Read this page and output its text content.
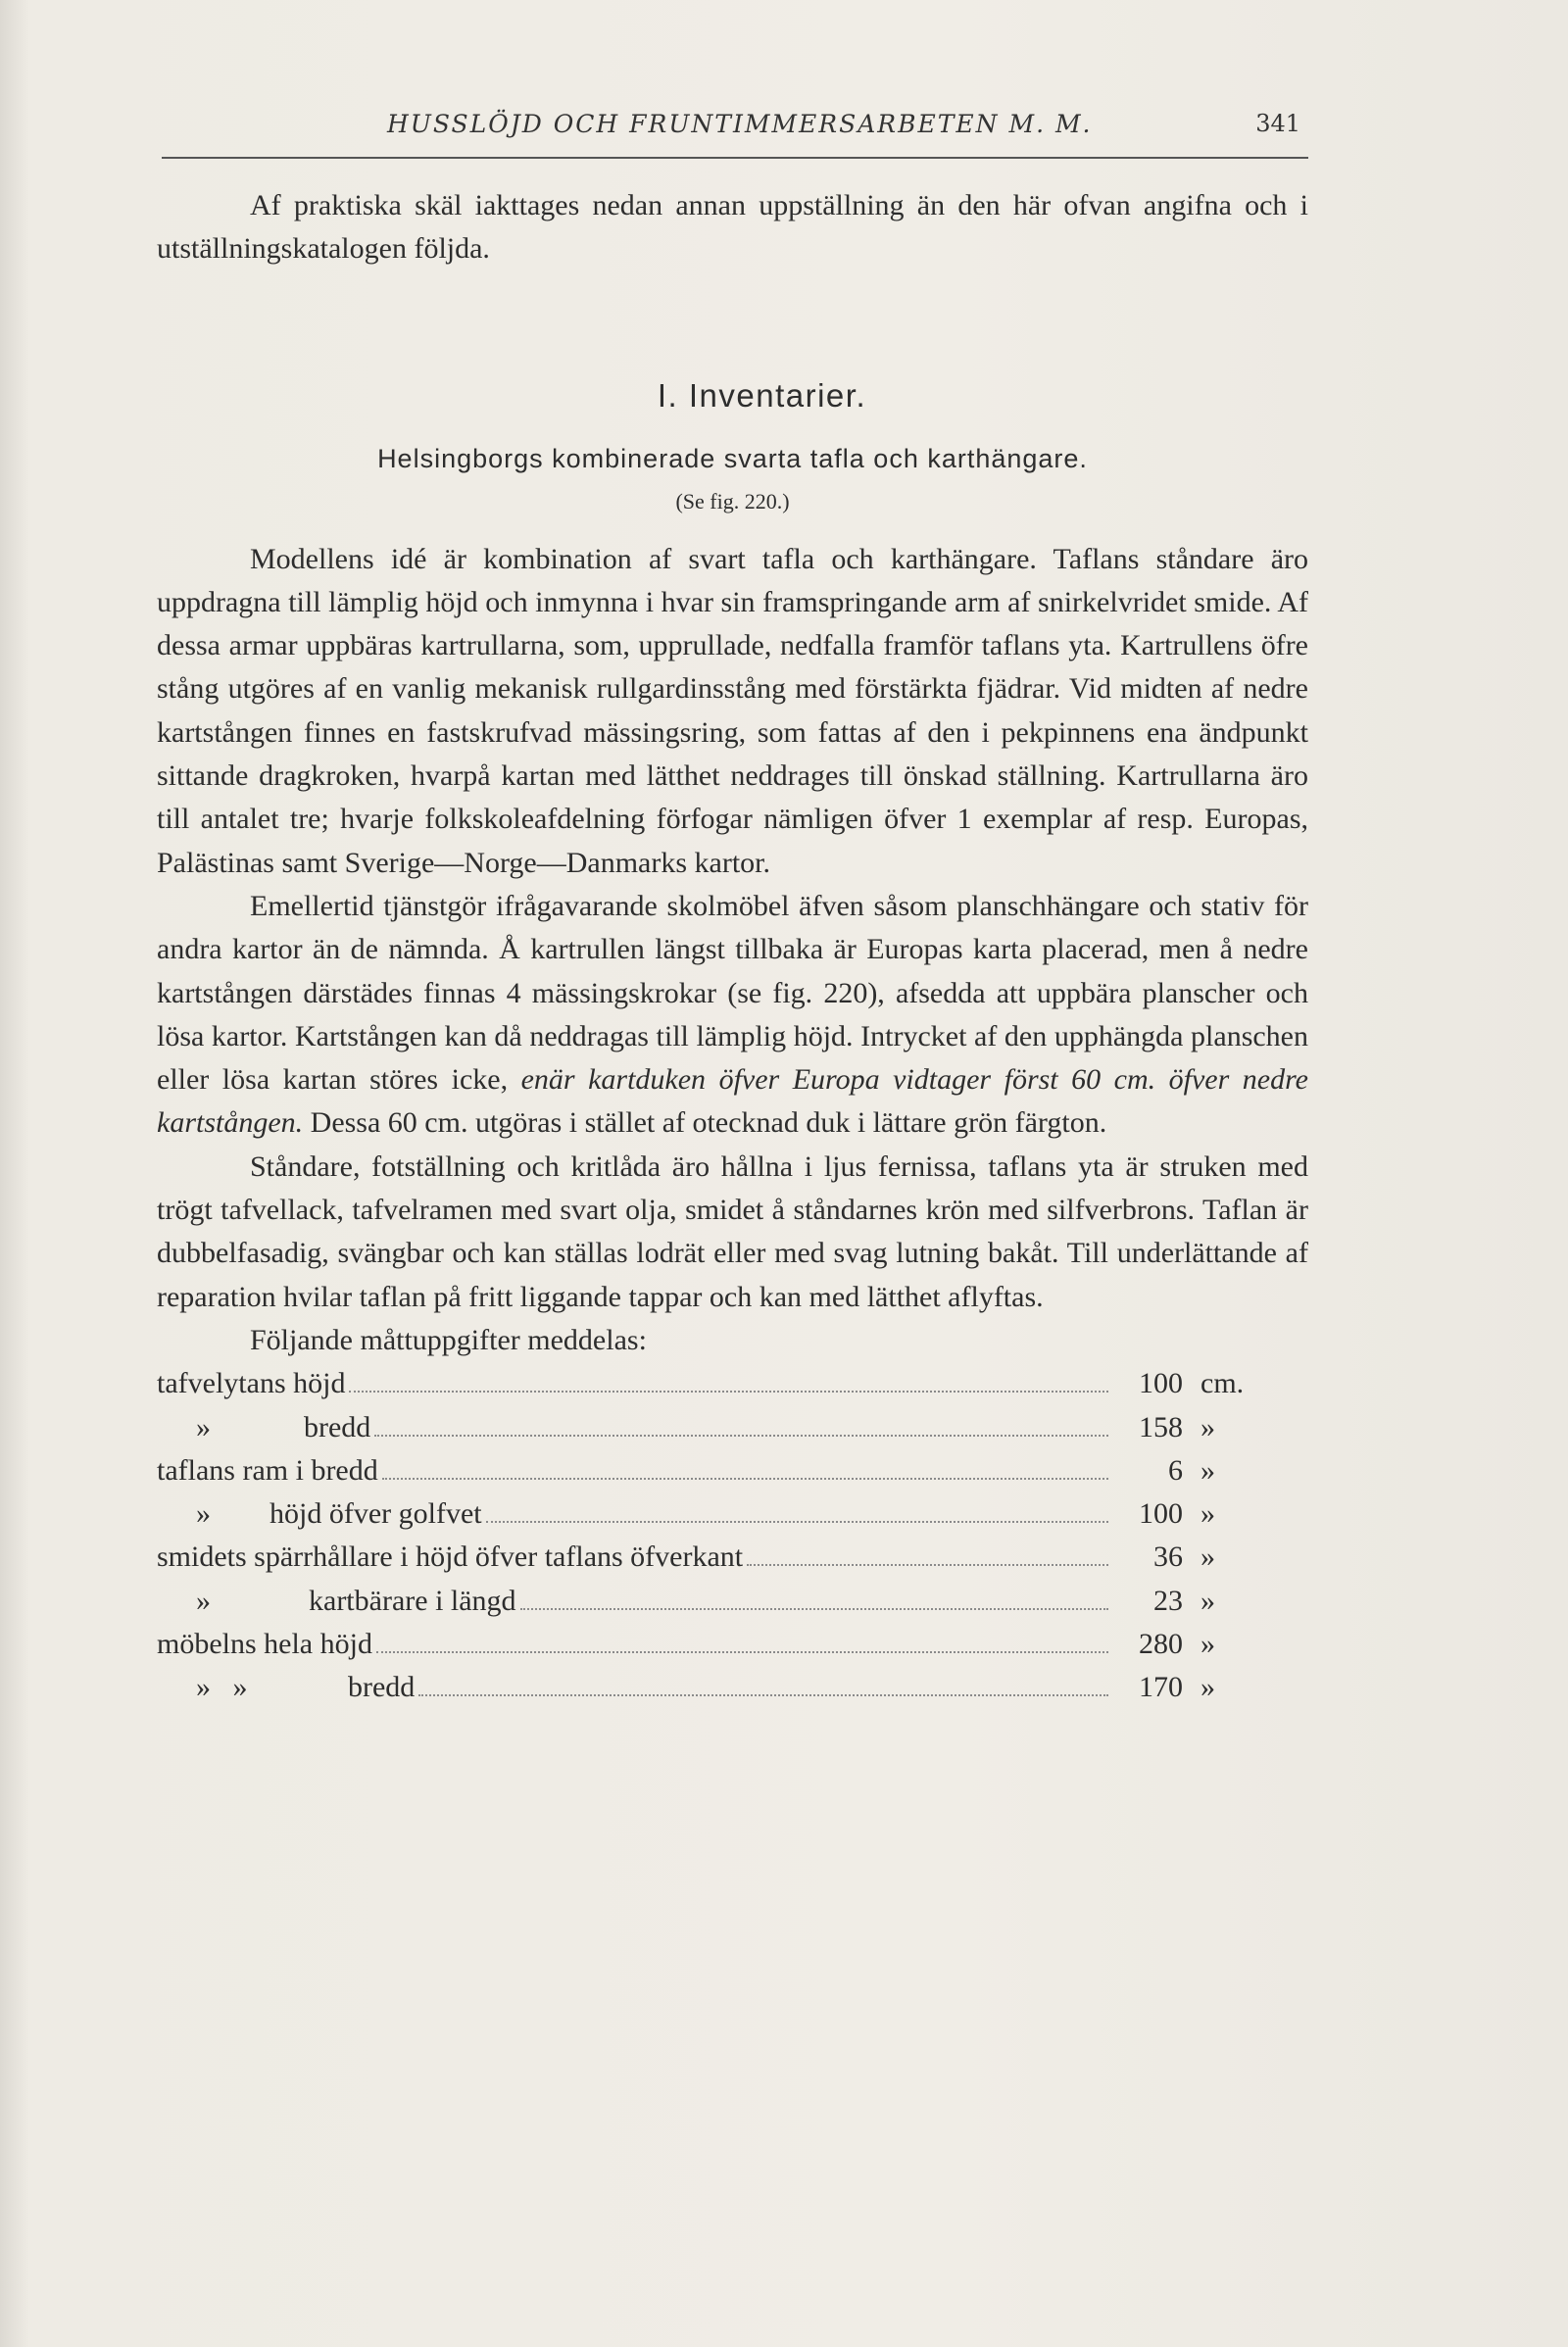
HUSSLÖJD OCH FRUNTIMMERSARBETEN M. M.	341

Af praktiska skäl iakttages nedan annan uppställning än den här ofvan angifna och i utställningskatalogen följda.

I. Inventarier.
Helsingborgs kombinerade svarta tafla och karthängare.
(Se fig. 220.)

Modellens idé är kombination af svart tafla och karthängare. Taflans ståndare äro uppdragna till lämplig höjd och inmynna i hvar sin framspringande arm af snirkelvridet smide. Af dessa armar uppbäras kartrullarna, som, upprullade, nedfalla framför taflans yta. Kartrullens öfre stång utgöres af en vanlig mekanisk rullgardinsstång med förstärkta fjädrar. Vid midten af nedre kartstången finnes en fastskrufvad mässingsring, som fattas af den i pekpinnens ena ändpunkt sittande dragkroken, hvarpå kartan med lätthet neddrages till önskad ställning. Kartrullarna äro till antalet tre; hvarje folkskoleafdelning förfogar nämligen öfver 1 exemplar af resp. Europas, Palästinas samt Sverige—Norge—Danmarks kartor.

Emellertid tjänstgör ifrågavarande skolmöbel äfven såsom planschhängare och stativ för andra kartor än de nämnda. Å kartrullen längst tillbaka är Europas karta placerad, men å nedre kartstången därstädes finnas 4 mässingskrokar (se fig. 220), afsedda att uppbära planscher och lösa kartor. Kartstången kan då neddragas till lämplig höjd. Intrycket af den upphängda planschen eller lösa kartan störes icke, enär kartduken öfver Europa vidtager först 60 cm. öfver nedre kartstången. Dessa 60 cm. utgöras i stället af otecknad duk i lättare grön färgton.

Ståndare, fotställning och kritlåda äro hållna i ljus fernissa, taflans yta är struken med trögt tafvellack, tafvelramen med svart olja, smidet å ståndarnes krön med silfverbrons. Taflan är dubbelfasadig, svängbar och kan ställas lodrät eller med svag lutning bakåt. Till underlättande af reparation hvilar taflan på fritt liggande tappar och kan med lätthet aflyftas.

Följande måttuppgifter meddelas:

tafvelytans höjd	100 cm.
»	bredd	158 »
taflans ram i bredd	6 »
» höjd öfver golfvet	100 »
smidets spärrhållare i höjd öfver taflans öfverkant	36 »
»	kartbärare i längd	23 »
möbelns hela höjd	280 »
»   »	bredd	170 »
